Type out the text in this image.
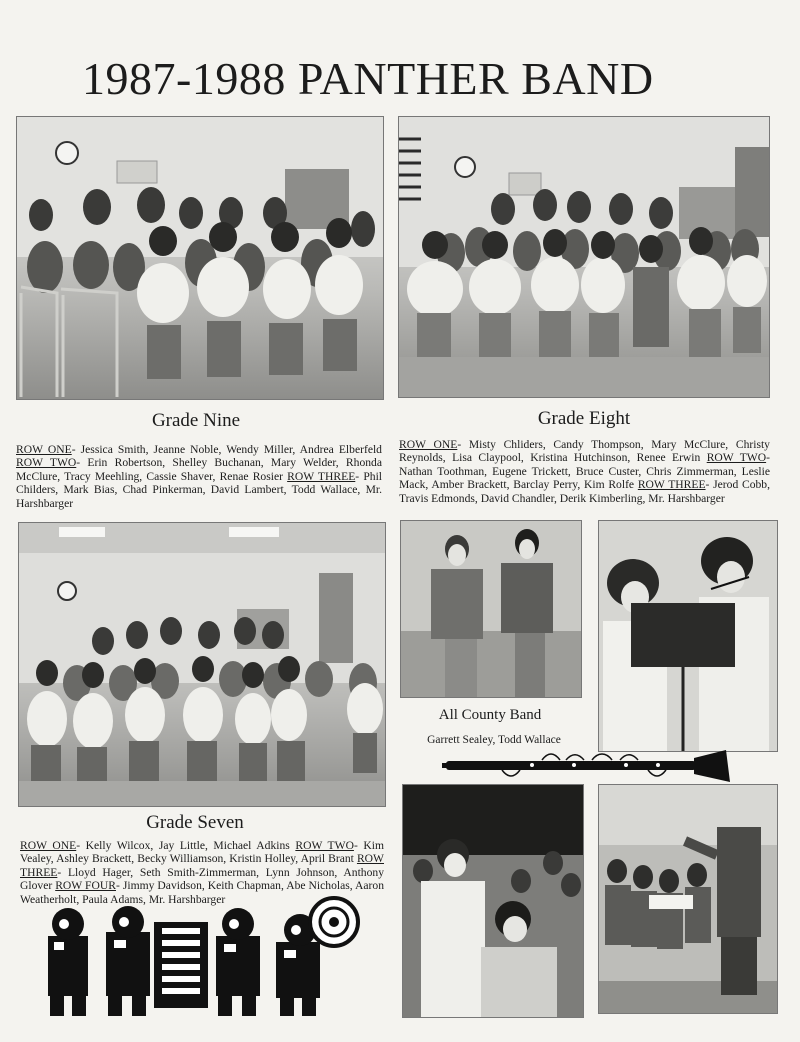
1987-1988 PANTHER BAND
Grade Nine	Grade Eight
ROW ONE- Jessica Smith, Jeanne Noble, Wendy Miller, Andrea Elberfeld ROW TWO- Erin Robertson, Shelley Buchanan, Mary Welder, Rhonda McClure, Tracy Meehling, Cassie Shaver, Renae Rosier ROW THREE- Phil Childers, Mark Bias, Chad Pinkerman, David Lambert, Todd Wallace, Mr. Harshbarger
ROW ONE- Misty Chliders, Candy Thompson, Mary McClure, Christy Reynolds, Lisa Claypool, Kristina Hutchinson, Renee Erwin ROW TWO- Nathan Toothman, Eugene Trickett, Bruce Custer, Chris Zimmerman, Leslie Mack, Amber Brackett, Barclay Perry, Kim Rolfe ROW THREE- Jerod Cobb, Travis Edmonds, David Chandler, Derik Kimberling, Mr. Harshbarger
Grade Seven
ROW ONE- Kelly Wilcox, Jay Little, Michael Adkins ROW TWO- Kim Vealey, Ashley Brackett, Becky Williamson, Kristin Holley, April Brant ROW THREE- Lloyd Hager, Seth Smith-Zimmerman, Lynn Johnson, Anthony Glover ROW FOUR- Jimmy Davidson, Keith Chapman, Abe Nicholas, Aaron Weatherholt, Paula Adams, Mr. Harshbarger
All County Band
Garrett Sealey, Todd Wallace
